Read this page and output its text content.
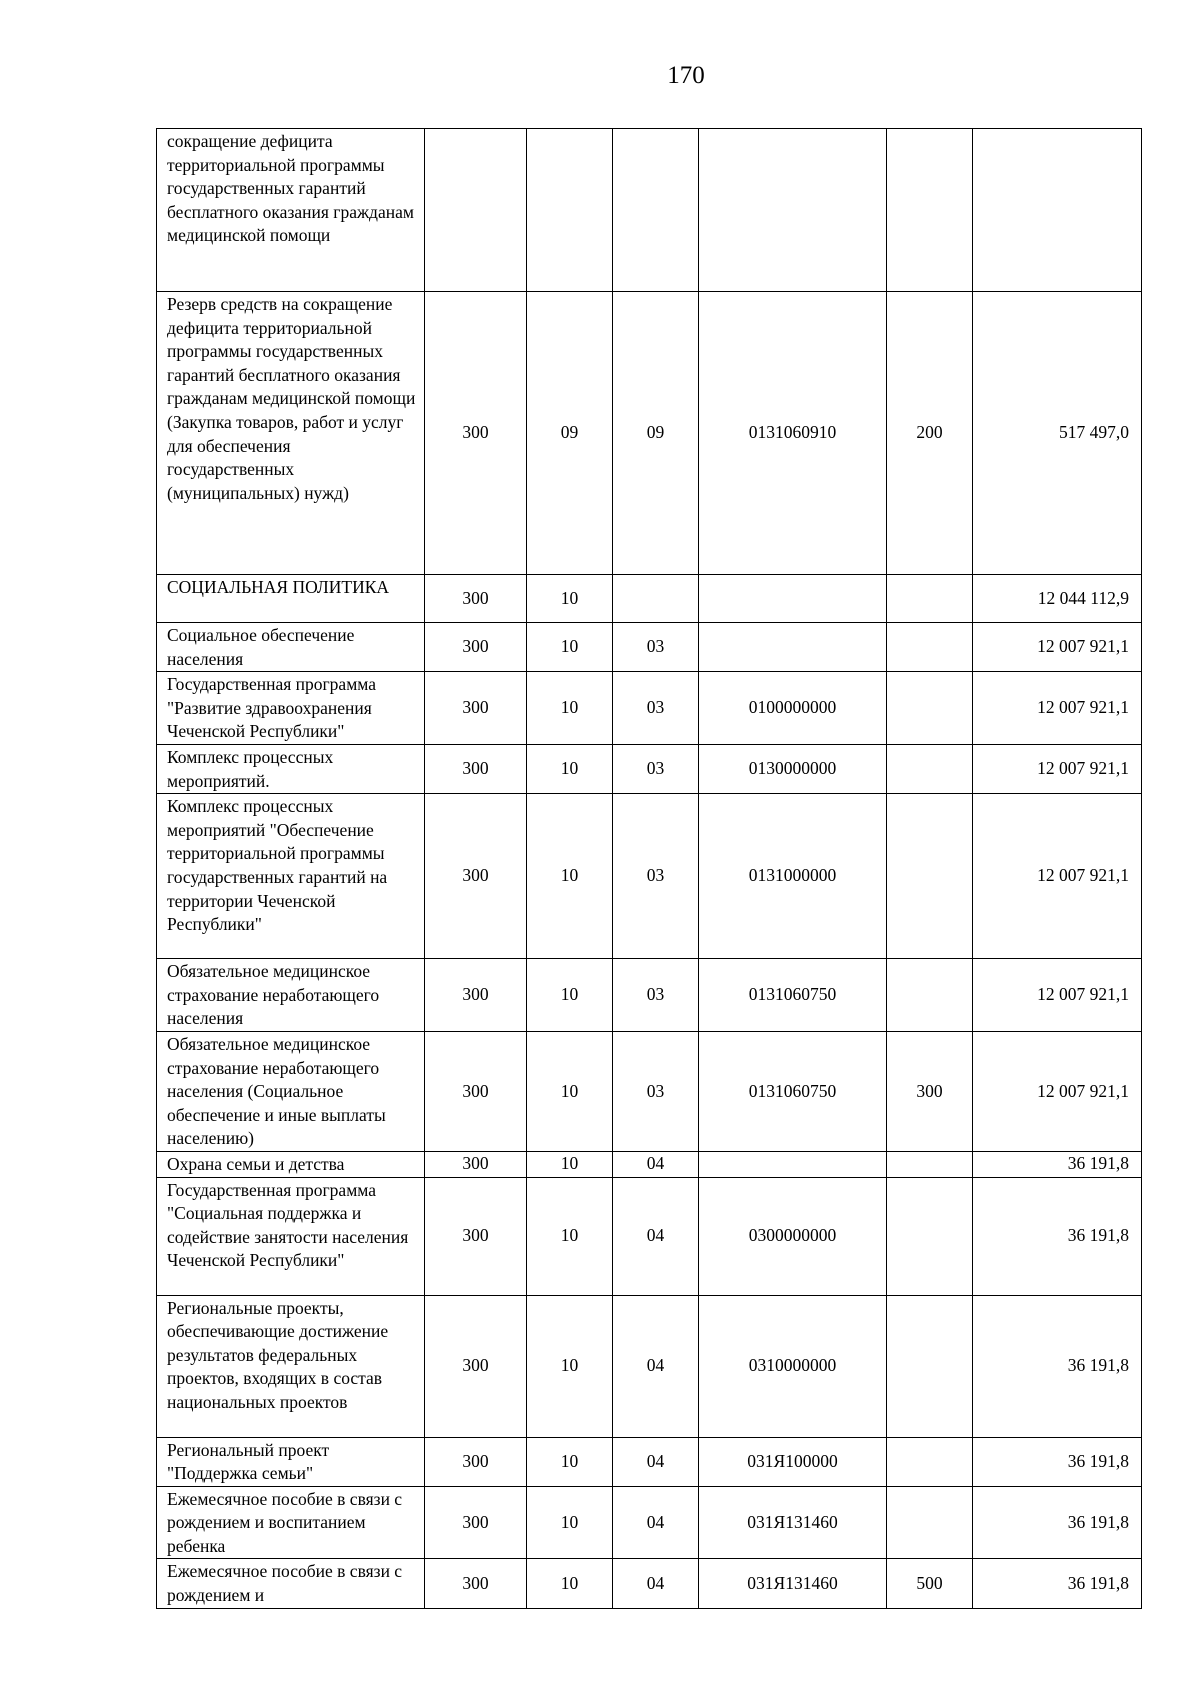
170
сокращение дефицита территориальной программы государственных гарантий бесплатного оказания гражданам медицинской помощи						
Резерв средств на сокращение дефицита территориальной программы государственных гарантий бесплатного оказания гражданам медицинской помощи (Закупка товаров, работ и услуг для обеспечения государственных (муниципальных) нужд)	300	09	09	0131060910	200	517 497,0
СОЦИАЛЬНАЯ ПОЛИТИКА	300	10				12 044 112,9
Социальное обеспечение населения	300	10	03			12 007 921,1
Государственная программа "Развитие здравоохранения Чеченской Республики"	300	10	03	0100000000		12 007 921,1
Комплекс процессных мероприятий.	300	10	03	0130000000		12 007 921,1
Комплекс процессных мероприятий "Обеспечение территориальной программы государственных гарантий на территории Чеченской Республики"	300	10	03	0131000000		12 007 921,1
Обязательное медицинское страхование неработающего населения	300	10	03	0131060750		12 007 921,1
Обязательное медицинское страхование неработающего населения (Социальное обеспечение и иные выплаты населению)	300	10	03	0131060750	300	12 007 921,1
Охрана семьи и детства	300	10	04			36 191,8
Государственная программа "Социальная поддержка и содействие занятости населения Чеченской Республики"	300	10	04	0300000000		36 191,8
Региональные проекты, обеспечивающие достижение результатов федеральных проектов, входящих в состав национальных проектов	300	10	04	0310000000		36 191,8
Региональный проект "Поддержка семьи"	300	10	04	031Я100000		36 191,8
Ежемесячное пособие в связи с рождением и воспитанием ребенка	300	10	04	031Я131460		36 191,8
Ежемесячное пособие в связи с рождением и	300	10	04	031Я131460	500	36 191,8
